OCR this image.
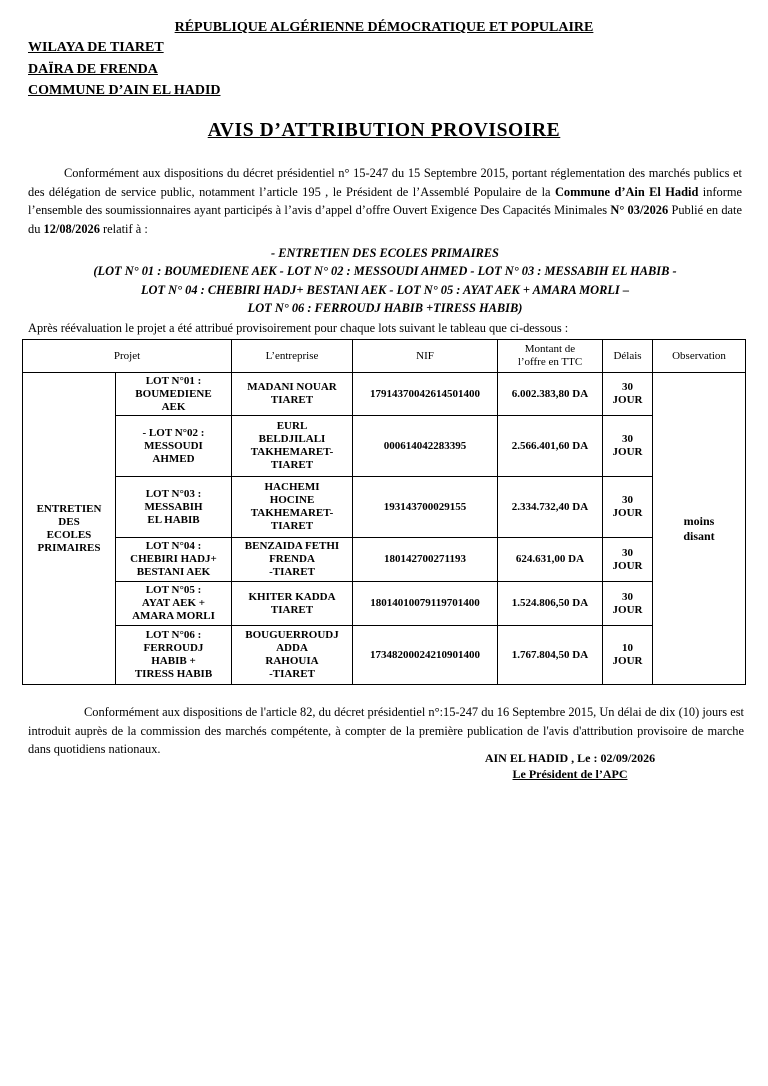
RÉPUBLIQUE ALGÉRIENNE DÉMOCRATIQUE ET POPULAIRE
WILAYA DE TIARET
DAÏRA DE FRENDA
COMMUNE D’AIN EL HADID
AVIS D’ATTRIBUTION PROVISOIRE
Conformément aux dispositions du décret présidentiel n° 15-247 du 15 Septembre 2015, portant réglementation des marchés publics et des délégation de service public, notamment l’article 195 , le Président de l’Assemblé Populaire de la Commune d’Ain El Hadid informe l’ensemble des soumissionnaires ayant participés à l’avis d’appel d’offre Ouvert Exigence Des Capacités Minimales N° 03/2026 Publié en date du 12/08/2026 relatif à :
- ENTRETIEN DES ECOLES PRIMAIRES
(LOT N° 01 : BOUMEDIENE AEK - LOT N° 02 : MESSOUDI AHMED - LOT N° 03 : MESSABIH EL HABIB -
LOT N° 04 : CHEBIRI HADJ+ BESTANI AEK - LOT N° 05 : AYAT AEK + AMARA MORLI –
LOT N° 06 : FERROUDJ HABIB +TIRESS HABIB)
Après réévaluation le projet a été attribué provisoirement pour chaque lots suivant le tableau que ci-dessous :
Projet		L’entreprise	NIF	Montant de
l’offre en TTC	Délais	Observation
ENTRETIEN
DES
ECOLES
PRIMAIRES	LOT N°01 :
BOUMEDIENE
AEK	MADANI NOUAR
TIARET	17914370042614501400	6.002.383,80 DA	30
JOUR	moins
disant
	- LOT N°02 :
MESSOUDI
AHMED	EURL
BELDJILALI
TAKHEMARET-
TIARET	000614042283395	2.566.401,60 DA	30
JOUR	
	LOT N°03 :
MESSABIH
EL HABIB	HACHEMI
HOCINE
TAKHEMARET-
TIARET	193143700029155	2.334.732,40 DA	30
JOUR	
	LOT N°04 :
CHEBIRI HADJ+
BESTANI AEK	BENZAIDA FETHI
FRENDA
-TIARET	180142700271193	624.631,00 DA	30
JOUR	
	LOT N°05 :
AYAT AEK +
AMARA MORLI	KHITER KADDA
TIARET	18014010079119701400	1.524.806,50 DA	30
JOUR	
	LOT N°06 :
FERROUDJ
HABIB +
TIRESS HABIB	BOUGUERROUDJ
ADDA
RAHOUIA
-TIARET	17348200024210901400	1.767.804,50 DA	10
JOUR	
Conformément aux dispositions de l'article 82, du décret présidentiel n°:15-247 du 16 Septembre 2015, Un délai de dix (10) jours est introduit auprès de la commission des marchés compétente, à compter de la première publication de l'avis d'attribution provisoire de marche dans quotidiens nationaux.
AIN EL HADID , Le : 02/09/2026
Le Président de l’APC
